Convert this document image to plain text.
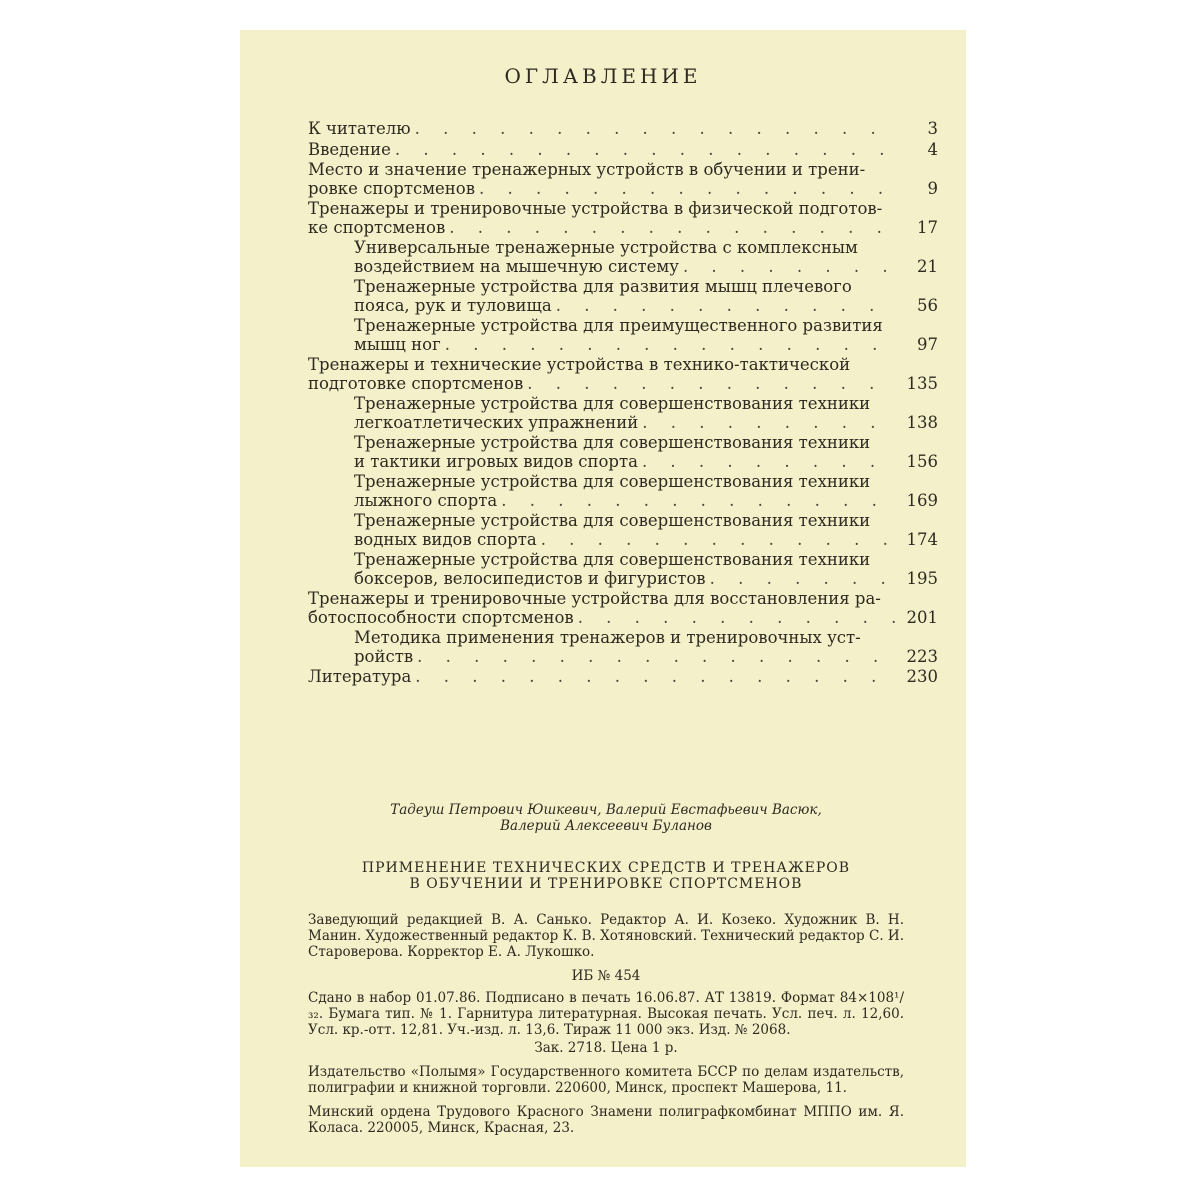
ОГЛАВЛЕНИЕ
К читателю . . .	3
Введение . . .	4
Место и значение тренажерных устройств в обучении и трени-
ровке спортсменов . . .	9
Тренажеры и тренировочные устройства в физической подготов-
ке спортсменов . . .	17
Универсальные тренажерные устройства с комплексным
воздействием на мышечную систему . . .	21
Тренажерные устройства для развития мышц плечевого
пояса, рук и туловища . . .	56
Тренажерные устройства для преимущественного развития
мышц ног . . .	97
Тренажеры и технические устройства в технико-тактической
подготовке спортсменов . . .	135
Тренажерные устройства для совершенствования техники
легкоатлетических упражнений . . .	138
Тренажерные устройства для совершенствования техники
и тактики игровых видов спорта . . .	156
Тренажерные устройства для совершенствования техники
лыжного спорта . . .	169
Тренажерные устройства для совершенствования техники
водных видов спорта . . .	174
Тренажерные устройства для совершенствования техники
боксеров, велосипедистов и фигуристов . . .	195
Тренажеры и тренировочные устройства для восстановления ра-
ботоспособности спортсменов . . .	201
Методика применения тренажеров и тренировочных уст-
ройств . . .	223
Литература . . .	230
Тадеуш Петрович Юшкевич, Валерий Евстафьевич Васюк,
Валерий Алексеевич Буланов
ПРИМЕНЕНИЕ ТЕХНИЧЕСКИХ СРЕДСТВ И ТРЕНАЖЕРОВ
В ОБУЧЕНИИ И ТРЕНИРОВКЕ СПОРТСМЕНОВ
Заведующий редакцией В. А. Санько. Редактор А. И. Козеко. Художник В. Н. Манин. Художественный редактор К. В. Хотяновский. Технический редактор С. И. Староверова. Корректор Е. А. Лукошко.
ИБ № 454
Сдано в набор 01.07.86. Подписано в печать 16.06.87. АТ 13819. Формат 84×108¹/₃₂. Бумага тип. № 1. Гарнитура литературная. Высокая печать. Усл. печ. л. 12,60. Усл. кр.-отт. 12,81. Уч.-изд. л. 13,6. Тираж 11 000 экз. Изд. № 2068.
Зак. 2718. Цена 1 р.
Издательство «Полымя» Государственного комитета БССР по делам издательств, полиграфии и книжной торговли. 220600, Минск, проспект Машерова, 11.
Минский ордена Трудового Красного Знамени полиграфкомбинат МППО им. Я. Коласа. 220005, Минск, Красная, 23.
